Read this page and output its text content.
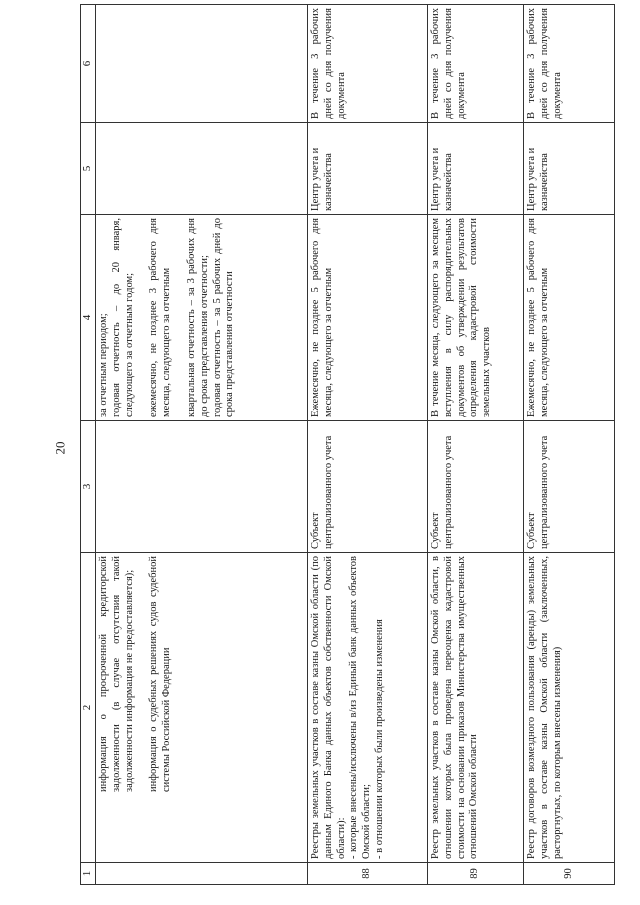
20
1	2	3	4	5	6

	информация о просроченной кредиторской задолженности (в случае отсутствия такой задолженности информация не предоставляется); информация о судебных решениях судов судебной системы Российской Федерации		за отчетным периодом; годовая отчетность – до 20 января, следующего за отчетным годом; ежемесячно, не позднее 3 рабочего дня месяца, следующего за отчетным квартальная отчетность – за 3 рабочих дня до срока представления отчетности; годовая отчетность – за 5 рабочих дней до срока представления отчетности		

88	Реестры земельных участков в составе казны Омской области (по данным Единого Банка данных объектов собственности Омской области): - которые внесены/исключены в/из Единый банк данных объектов Омской области; - в отношении которых были произведены изменения	Субъект централизованного учета	Ежемесячно, не позднее 5 рабочего дня месяца, следующего за отчетным	Центр учета и казначейства	В течение 3 рабочих дней со дня получения документа
89	Реестр земельных участков в составе казны Омской области, в отношении которых была проведена переоценка кадастровой стоимости на основании приказов Министерства имущественных отношений Омской области	Субъект централизованного учета	В течение месяца, следующего за месяцем вступления в силу распорядительных документов об утверждении результатов определения кадастровой стоимости земельных участков	Центр учета и казначейства	В течение 3 рабочих дней со дня получения документа
90	Реестр договоров возмездного пользования (аренды) земельных участков в составе казны Омской области (заключенных, расторгнутых, по которым внесены изменения)	Субъект централизованного учета	Ежемесячно, не позднее 5 рабочего дня месяца, следующего за отчетным	Центр учета и казначейства	В течение 3 рабочих дней со дня получения документа
